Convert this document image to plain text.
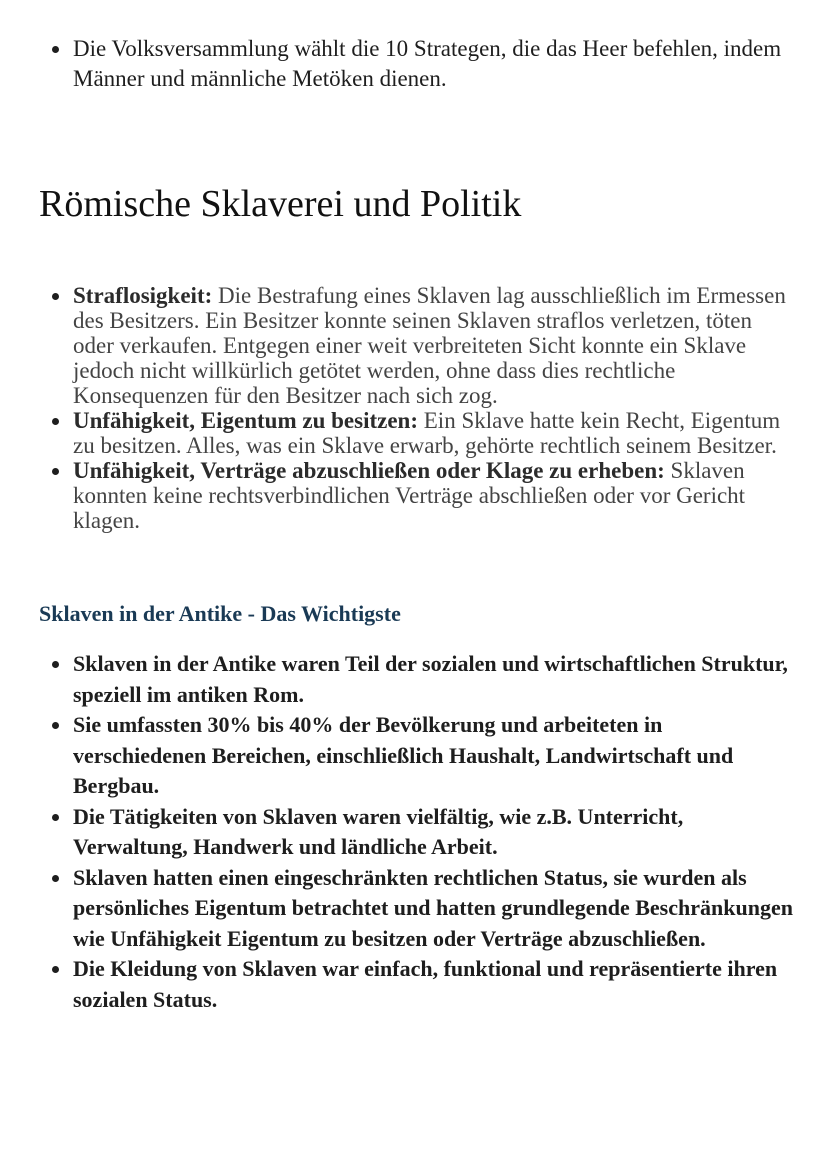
Die Volksversammlung wählt die 10 Strategen, die das Heer befehlen, indem Männer und männliche Metöken dienen.
Römische Sklaverei und Politik
Straflosigkeit: Die Bestrafung eines Sklaven lag ausschließlich im Ermessen des Besitzers. Ein Besitzer konnte seinen Sklaven straflos verletzen, töten oder verkaufen. Entgegen einer weit verbreiteten Sicht konnte ein Sklave jedoch nicht willkürlich getötet werden, ohne dass dies rechtliche Konsequenzen für den Besitzer nach sich zog.
Unfähigkeit, Eigentum zu besitzen: Ein Sklave hatte kein Recht, Eigentum zu besitzen. Alles, was ein Sklave erwarb, gehörte rechtlich seinem Besitzer.
Unfähigkeit, Verträge abzuschließen oder Klage zu erheben: Sklaven konnten keine rechtsverbindlichen Verträge abschließen oder vor Gericht klagen.
Sklaven in der Antike - Das Wichtigste
Sklaven in der Antike waren Teil der sozialen und wirtschaftlichen Struktur, speziell im antiken Rom.
Sie umfassten 30% bis 40% der Bevölkerung und arbeiteten in verschiedenen Bereichen, einschließlich Haushalt, Landwirtschaft und Bergbau.
Die Tätigkeiten von Sklaven waren vielfältig, wie z.B. Unterricht, Verwaltung, Handwerk und ländliche Arbeit.
Sklaven hatten einen eingeschränkten rechtlichen Status, sie wurden als persönliches Eigentum betrachtet und hatten grundlegende Beschränkungen wie Unfähigkeit Eigentum zu besitzen oder Verträge abzuschließen.
Die Kleidung von Sklaven war einfach, funktional und repräsentierte ihren sozialen Status.
